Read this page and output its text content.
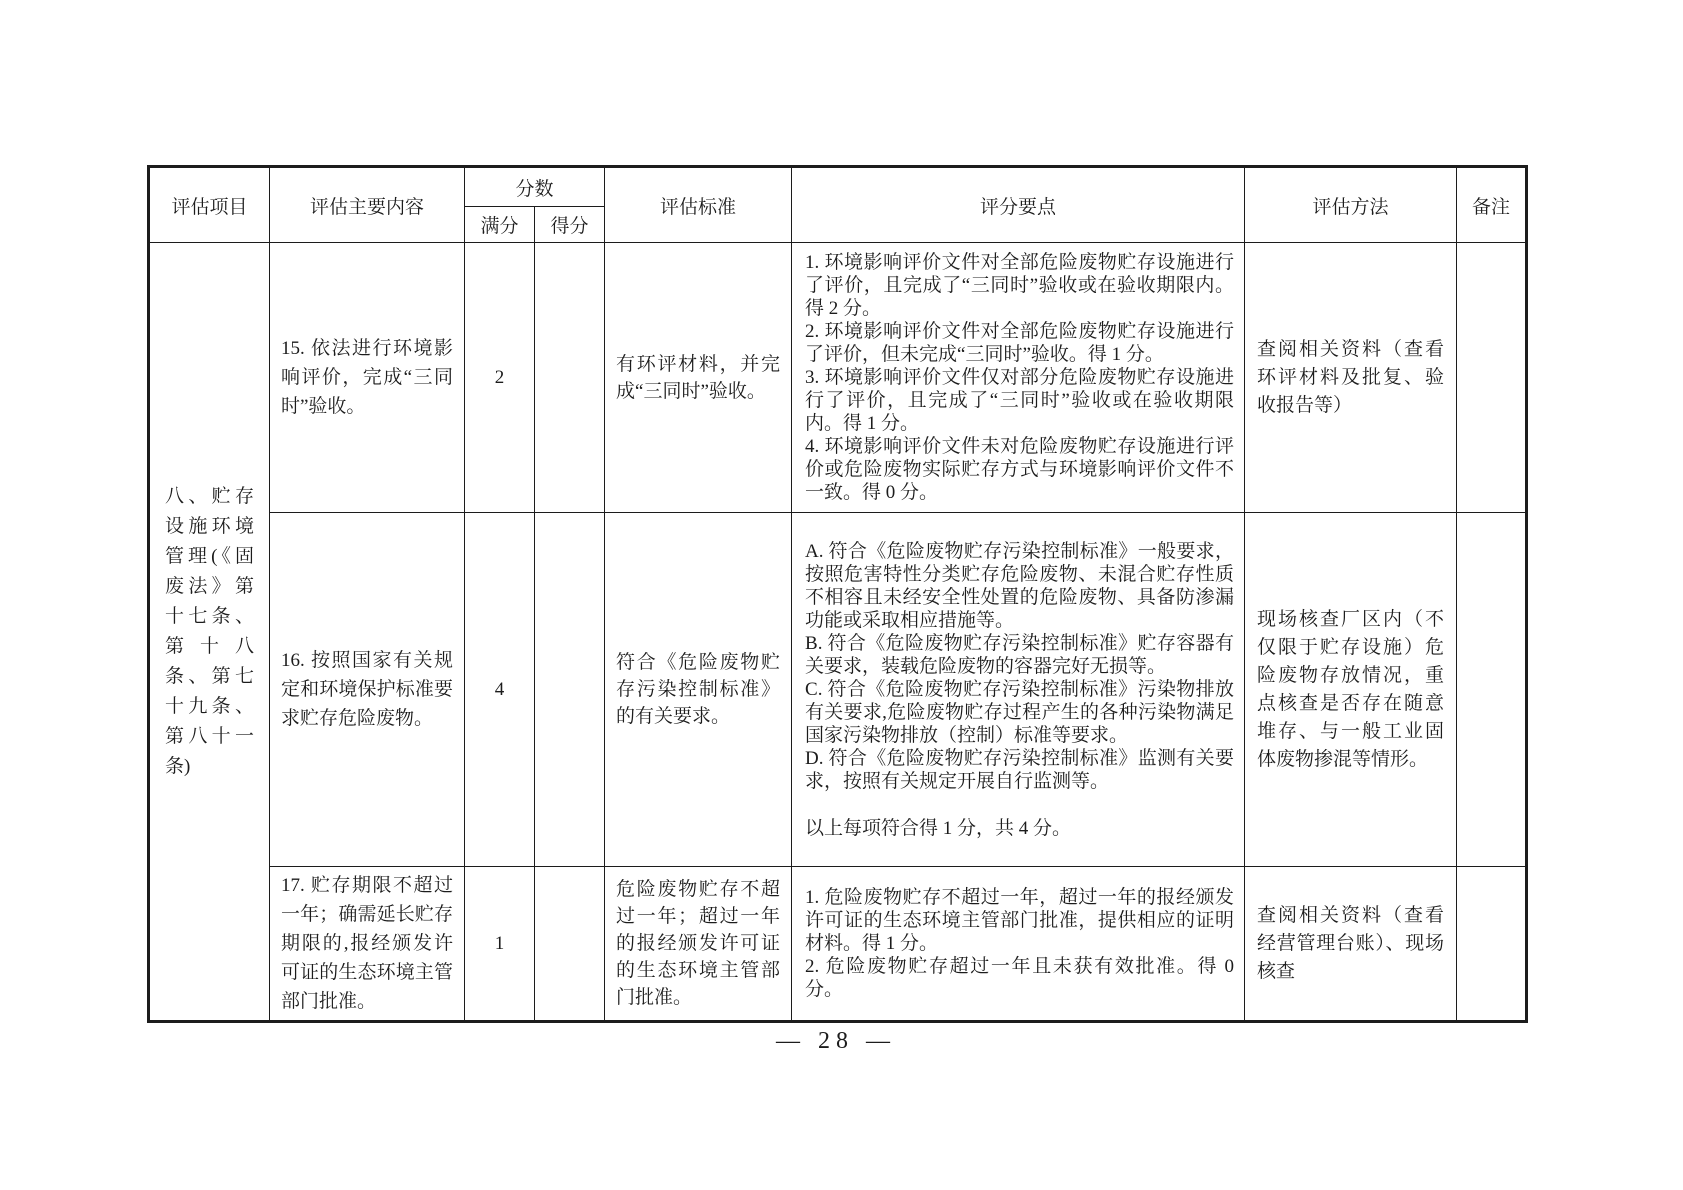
评估项目	评估主要内容	分数		评估标准	评分要点	评估方法	备注
		满分	得分				
八、贮存设施环境管理(《固废法》第十七条、第十八条、第七十九条、第八十一条)	15. 依法进行环境影响评价，完成“三同时”验收。	2		有环评材料，并完成“三同时”验收。	1. 环境影响评价文件对全部危险废物贮存设施进行了评价，且完成了“三同时”验收或在验收期限内。得 2 分。
2. 环境影响评价文件对全部危险废物贮存设施进行了评价，但未完成“三同时”验收。得 1 分。
3. 环境影响评价文件仅对部分危险废物贮存设施进行了评价，且完成了“三同时”验收或在验收期限内。得 1 分。
4. 环境影响评价文件未对危险废物贮存设施进行评价或危险废物实际贮存方式与环境影响评价文件不一致。得 0 分。	查阅相关资料（查看环评材料及批复、验收报告等）	
	16. 按照国家有关规定和环境保护标准要求贮存危险废物。	4		符合《危险废物贮存污染控制标准》的有关要求。	A. 符合《危险废物贮存污染控制标准》一般要求，按照危害特性分类贮存危险废物、未混合贮存性质不相容且未经安全性处置的危险废物、具备防渗漏功能或采取相应措施等。
B. 符合《危险废物贮存污染控制标准》贮存容器有关要求，装载危险废物的容器完好无损等。
C. 符合《危险废物贮存污染控制标准》污染物排放有关要求,危险废物贮存过程产生的各种污染物满足国家污染物排放（控制）标准等要求。
D. 符合《危险废物贮存污染控制标准》监测有关要求，按照有关规定开展自行监测等。
以上每项符合得 1 分，共 4 分。	现场核查厂区内（不仅限于贮存设施）危险废物存放情况，重点核查是否存在随意堆存、与一般工业固体废物掺混等情形。	
	17. 贮存期限不超过一年；确需延长贮存期限的,报经颁发许可证的生态环境主管部门批准。	1		危险废物贮存不超过一年；超过一年的报经颁发许可证的生态环境主管部门批准。	1. 危险废物贮存不超过一年，超过一年的报经颁发许可证的生态环境主管部门批准，提供相应的证明材料。得 1 分。
2. 危险废物贮存超过一年且未获有效批准。得 0 分。	查阅相关资料（查看经营管理台账）、现场核查	
— 28 —
